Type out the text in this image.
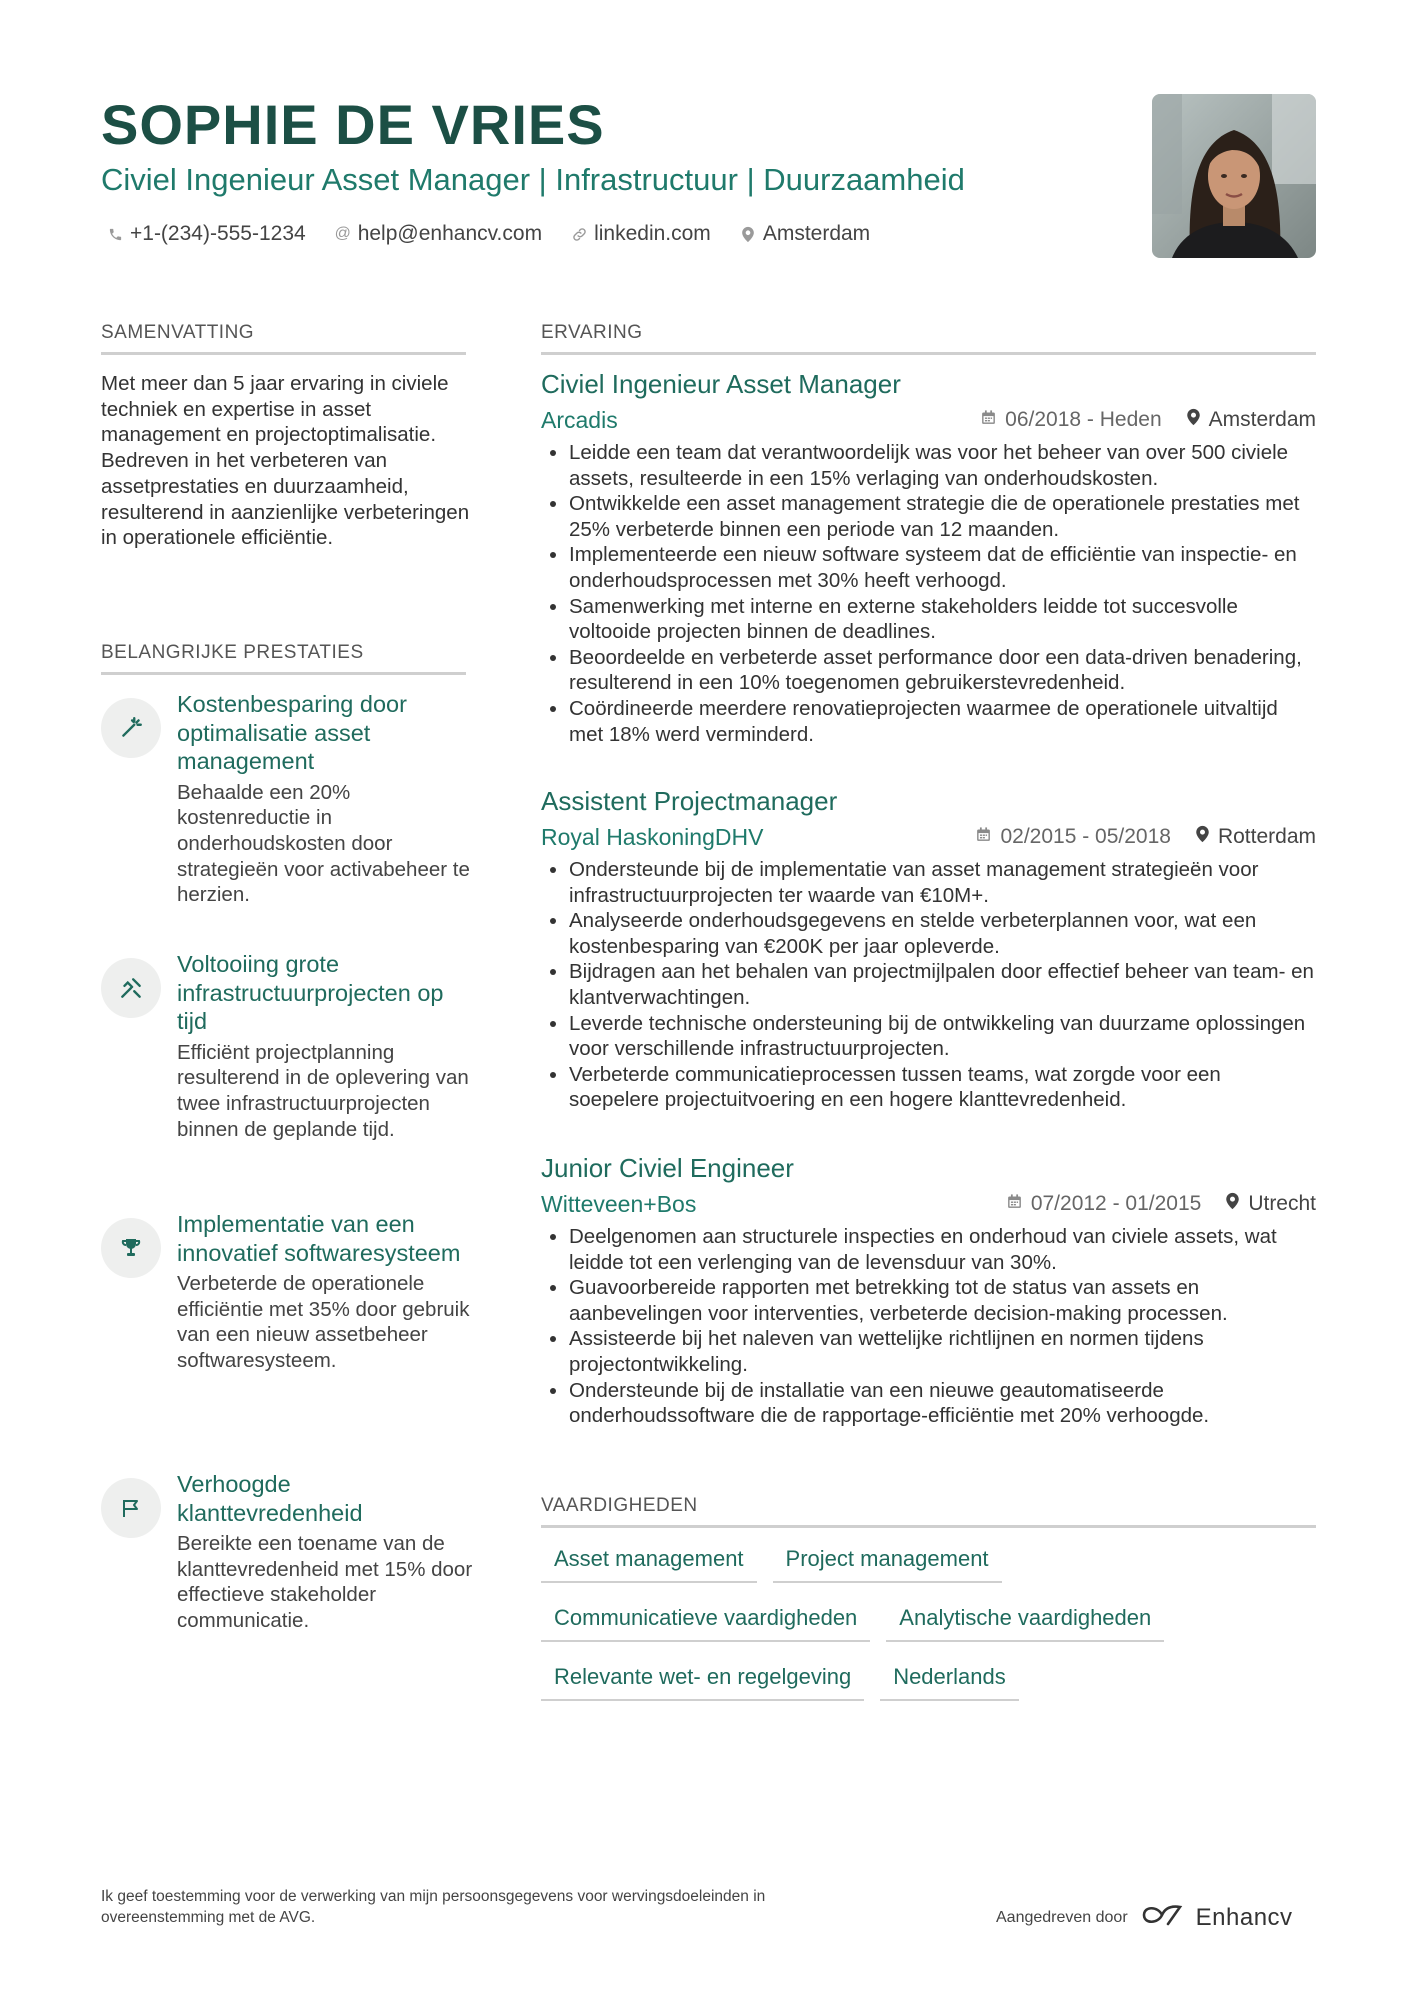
SOPHIE DE VRIES
Civiel Ingenieur Asset Manager | Infrastructuur | Duurzaamheid
+1-(234)-555-1234 @ help@enhancv.com linkedin.com Amsterdam
SAMENVATTING
Met meer dan 5 jaar ervaring in civiele techniek en expertise in asset management en projectoptimalisatie. Bedreven in het verbeteren van assetprestaties en duurzaamheid, resulterend in aanzienlijke verbeteringen in operationele efficiëntie.
BELANGRIJKE PRESTATIES
Kostenbesparing door optimalisatie asset management
Behaalde een 20% kostenreductie in onderhoudskosten door strategieën voor activabeheer te herzien.
Voltooiing grote infrastructuurprojecten op tijd
Efficiënt projectplanning resulterend in de oplevering van twee infrastructuurprojecten binnen de geplande tijd.
Implementatie van een innovatief softwaresysteem
Verbeterde de operationele efficiëntie met 35% door gebruik van een nieuw assetbeheer softwaresysteem.
Verhoogde klanttevredenheid
Bereikte een toename van de klanttevredenheid met 15% door effectieve stakeholder communicatie.
ERVARING
Civiel Ingenieur Asset Manager
Arcadis	06/2018 - Heden Amsterdam
• Leidde een team dat verantwoordelijk was voor het beheer van over 500 civiele assets, resulteerde in een 15% verlaging van onderhoudskosten.
• Ontwikkelde een asset management strategie die de operationele prestaties met 25% verbeterde binnen een periode van 12 maanden.
• Implementeerde een nieuw software systeem dat de efficiëntie van inspectie- en onderhoudsprocessen met 30% heeft verhoogd.
• Samenwerking met interne en externe stakeholders leidde tot succesvolle voltooide projecten binnen de deadlines.
• Beoordeelde en verbeterde asset performance door een data-driven benadering, resulterend in een 10% toegenomen gebruikerstevredenheid.
• Coördineerde meerdere renovatieprojecten waarmee de operationele uitvaltijd met 18% werd verminderd.
Assistent Projectmanager
Royal HaskoningDHV	02/2015 - 05/2018 Rotterdam
• Ondersteunde bij de implementatie van asset management strategieën voor infrastructuurprojecten ter waarde van €10M+.
• Analyseerde onderhoudsgegevens en stelde verbeterplannen voor, wat een kostenbesparing van €200K per jaar opleverde.
• Bijdragen aan het behalen van projectmijlpalen door effectief beheer van team- en klantverwachtingen.
• Leverde technische ondersteuning bij de ontwikkeling van duurzame oplossingen voor verschillende infrastructuurprojecten.
• Verbeterde communicatieprocessen tussen teams, wat zorgde voor een soepelere projectuitvoering en een hogere klanttevredenheid.
Junior Civiel Engineer
Witteveen+Bos	07/2012 - 01/2015 Utrecht
• Deelgenomen aan structurele inspecties en onderhoud van civiele assets, wat leidde tot een verlenging van de levensduur van 30%.
• Guavoorbereide rapporten met betrekking tot de status van assets en aanbevelingen voor interventies, verbeterde decision-making processen.
• Assisteerde bij het naleven van wettelijke richtlijnen en normen tijdens projectontwikkeling.
• Ondersteunde bij de installatie van een nieuwe geautomatiseerde onderhoudssoftware die de rapportage-efficiëntie met 20% verhoogde.
VAARDIGHEDEN
Asset management	Project management
Communicatieve vaardigheden	Analytische vaardigheden
Relevante wet- en regelgeving	Nederlands
Ik geef toestemming voor de verwerking van mijn persoonsgegevens voor wervingsdoeleinden in overeenstemming met de AVG.	Aangedreven door	Enhancv
